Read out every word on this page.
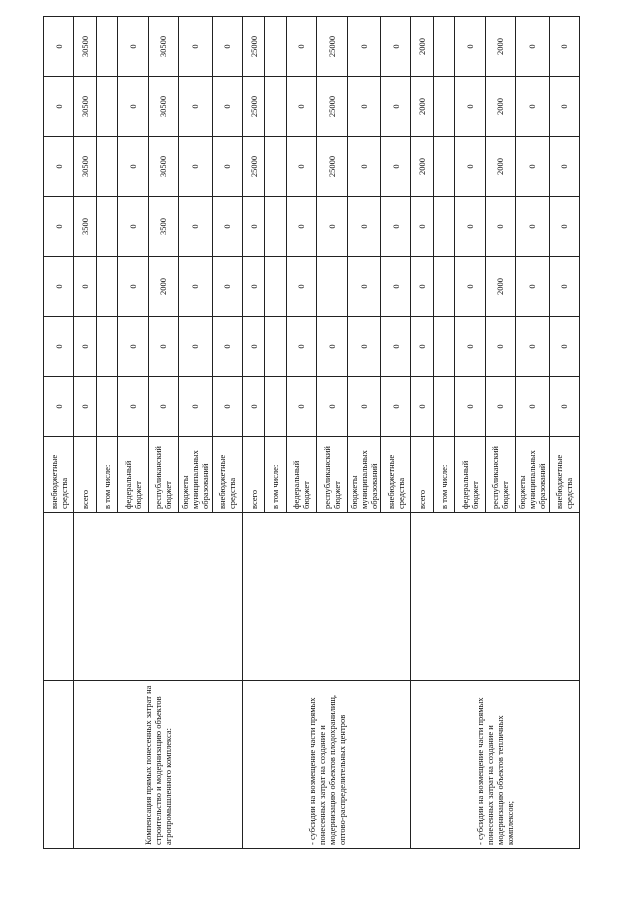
		внебюджетные средства	0	0	0	0	0	0	0
Компенсация прямых понесенных затрат на строительство и модернизацию объектов агропромышленного комплекса:		всего	0	0	0	3500	30500	30500	30500
		в том числе:							
		федеральный бюджет	0	0	0	0	0	0	0
		республиканский бюджет	0	0	2000	3500	30500	30500	30500
		бюджеты муниципальных образований	0	0	0	0	0	0	0
		внебюджетные средства	0	0	0	0	0	0	0
- субсидии на возмещение части прямых понесенных затрат на создание и модернизацию объектов плодохранилищ, оптово-распределительных центров		всего	0	0	0	0	25000	25000	25000
		в том числе:							
		федеральный бюджет	0	0	0	0	0	0	0
		республиканский бюджет	0	0		0	25000	25000	25000
		бюджеты муниципальных образований	0	0	0	0	0	0	0
		внебюджетные средства	0	0	0	0	0	0	0
- субсидии на возмещение части прямых понесенных затрат на создание и модернизацию объектов тепличных комплексов;		всего	0	0	0	0	2000	2000	2000
		в том числе:							
		федеральный бюджет	0	0	0	0	0	0	0
		республиканский бюджет	0	0	2000	0	2000	2000	2000
		бюджеты муниципальных образований	0	0	0	0	0	0	0
		внебюджетные средства	0	0	0	0	0	0	0
